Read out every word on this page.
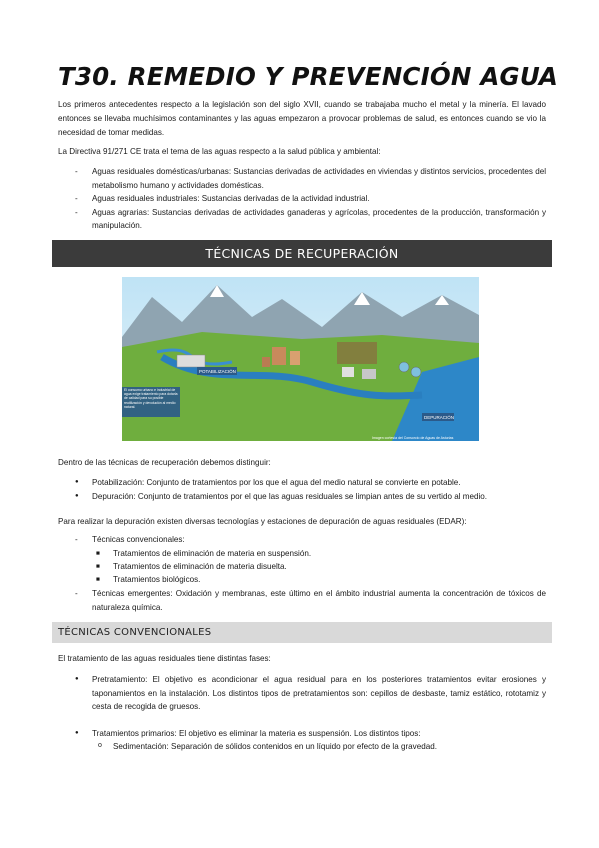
T30. REMEDIO Y PREVENCIÓN AGUA

Los primeros antecedentes respecto a la legislación son del siglo XVII, cuando se trabajaba mucho el metal y la minería. El lavado entonces se llevaba muchísimos contaminantes y las aguas empezaron a provocar problemas de salud, es entonces cuando se vio la necesidad de tomar medidas.

La Directiva 91/271 CE trata el tema de las aguas respecto a la salud pública y ambiental:

- Aguas residuales domésticas/urbanas: Sustancias derivadas de actividades en viviendas y distintos servicios, procedentes del metabolismo humano y actividades domésticas.
- Aguas residuales industriales: Sustancias derivadas de la actividad industrial.
- Aguas agrarias: Sustancias derivadas de actividades ganaderas y agrícolas, procedentes de la producción, transformación y manipulación.
TÉCNICAS DE RECUPERACIÓN
POTABILIZACIÓN
DEPURACIÓN
El consumo urbano e industrial de agua exige tratamiento para dotarla de calidad para su posible reutilización y devolución al medio natural.
Imagen cortesía del Consorcio de Aguas de Asturias

Dentro de las técnicas de recuperación debemos distinguir:

● Potabilización: Conjunto de tratamientos por los que el agua del medio natural se convierte en potable.
● Depuración: Conjunto de tratamientos por el que las aguas residuales se limpian antes de su vertido al medio.

Para realizar la depuración existen diversas tecnologías y estaciones de depuración de aguas residuales (EDAR):

- Técnicas convencionales:
■ Tratamientos de eliminación de materia en suspensión.
■ Tratamientos de eliminación de materia disuelta.
■ Tratamientos biológicos.
- Técnicas emergentes: Oxidación y membranas, este último en el ámbito industrial aumenta la concentración de tóxicos de naturaleza química.
TÉCNICAS CONVENCIONALES

El tratamiento de las aguas residuales tiene distintas fases:

● Pretratamiento: El objetivo es acondicionar el agua residual para en los posteriores tratamientos evitar erosiones y taponamientos en la instalación. Los distintos tipos de pretratamientos son: cepillos de desbaste, tamiz estático, rototamiz y cesta de recogida de gruesos.
● Tratamientos primarios: El objetivo es eliminar la materia es suspensión. Los distintos tipos:
o Sedimentación: Separación de sólidos contenidos en un líquido por efecto de la gravedad.
